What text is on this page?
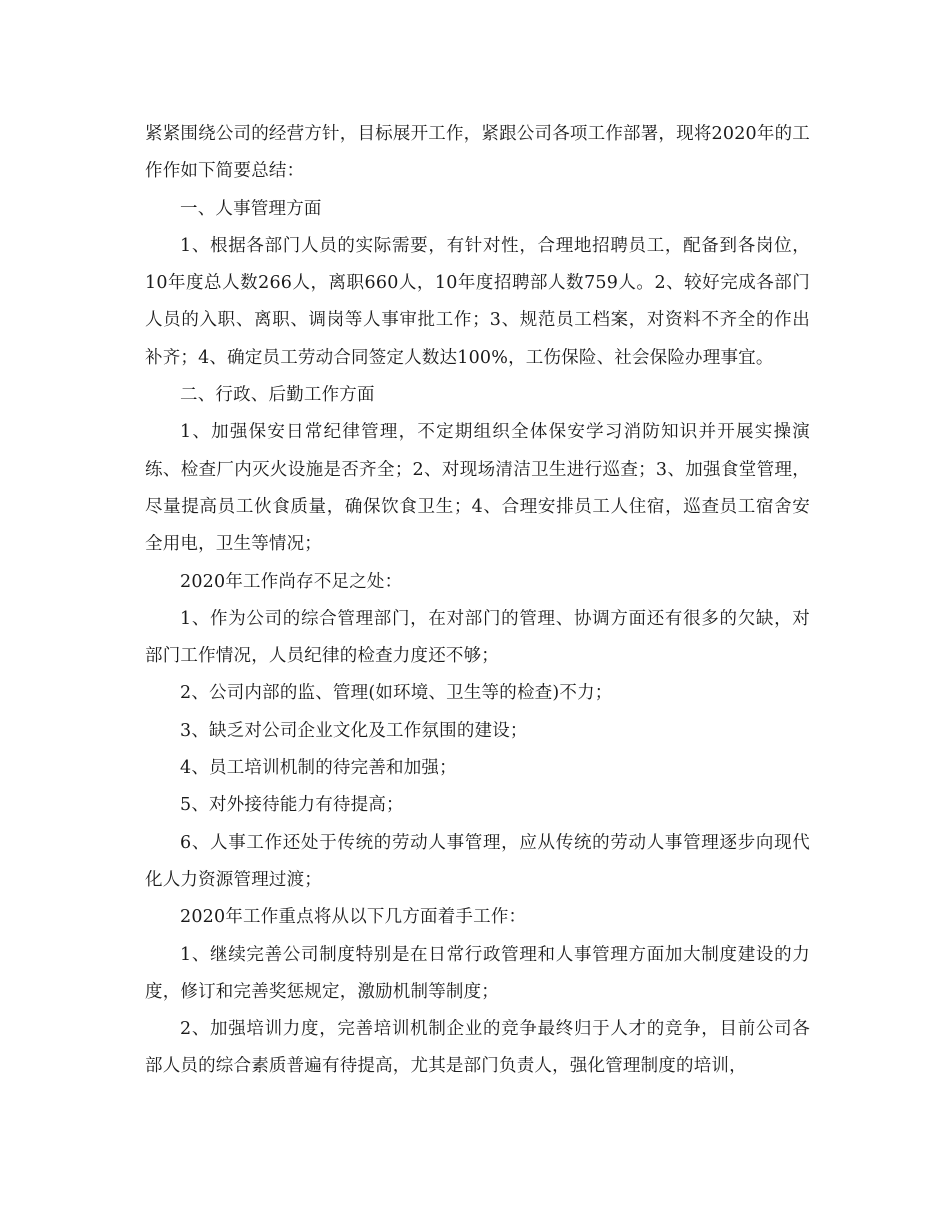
紧紧围绕公司的经营方针，目标展开工作，紧跟公司各项工作部署，现将2020年的工作作如下简要总结：

一、人事管理方面

1、根据各部门人员的实际需要，有针对性，合理地招聘员工，配备到各岗位，10年度总人数266人，离职660人，10年度招聘部人数759人。2、较好完成各部门人员的入职、离职、调岗等人事审批工作；3、规范员工档案，对资料不齐全的作出补齐；4、确定员工劳动合同签定人数达100%，工伤保险、社会保险办理事宜。

二、行政、后勤工作方面

1、加强保安日常纪律管理，不定期组织全体保安学习消防知识并开展实操演练、检查厂内灭火设施是否齐全；2、对现场清洁卫生进行巡查；3、加强食堂管理，尽量提高员工伙食质量，确保饮食卫生；4、合理安排员工人住宿，巡查员工宿舍安全用电，卫生等情况；

2020年工作尚存不足之处：

1、作为公司的综合管理部门，在对部门的管理、协调方面还有很多的欠缺，对部门工作情况，人员纪律的检查力度还不够；

2、公司内部的监、管理(如环境、卫生等的检查)不力；

3、缺乏对公司企业文化及工作氛围的建设；

4、员工培训机制的待完善和加强；

5、对外接待能力有待提高；

6、人事工作还处于传统的劳动人事管理，应从传统的劳动人事管理逐步向现代化人力资源管理过渡；

2020年工作重点将从以下几方面着手工作：

1、继续完善公司制度特别是在日常行政管理和人事管理方面加大制度建设的力度，修订和完善奖惩规定，激励机制等制度；

2、加强培训力度，完善培训机制企业的竞争最终归于人才的竞争，目前公司各部人员的综合素质普遍有待提高，尤其是部门负责人，强化管理制度的培训，
